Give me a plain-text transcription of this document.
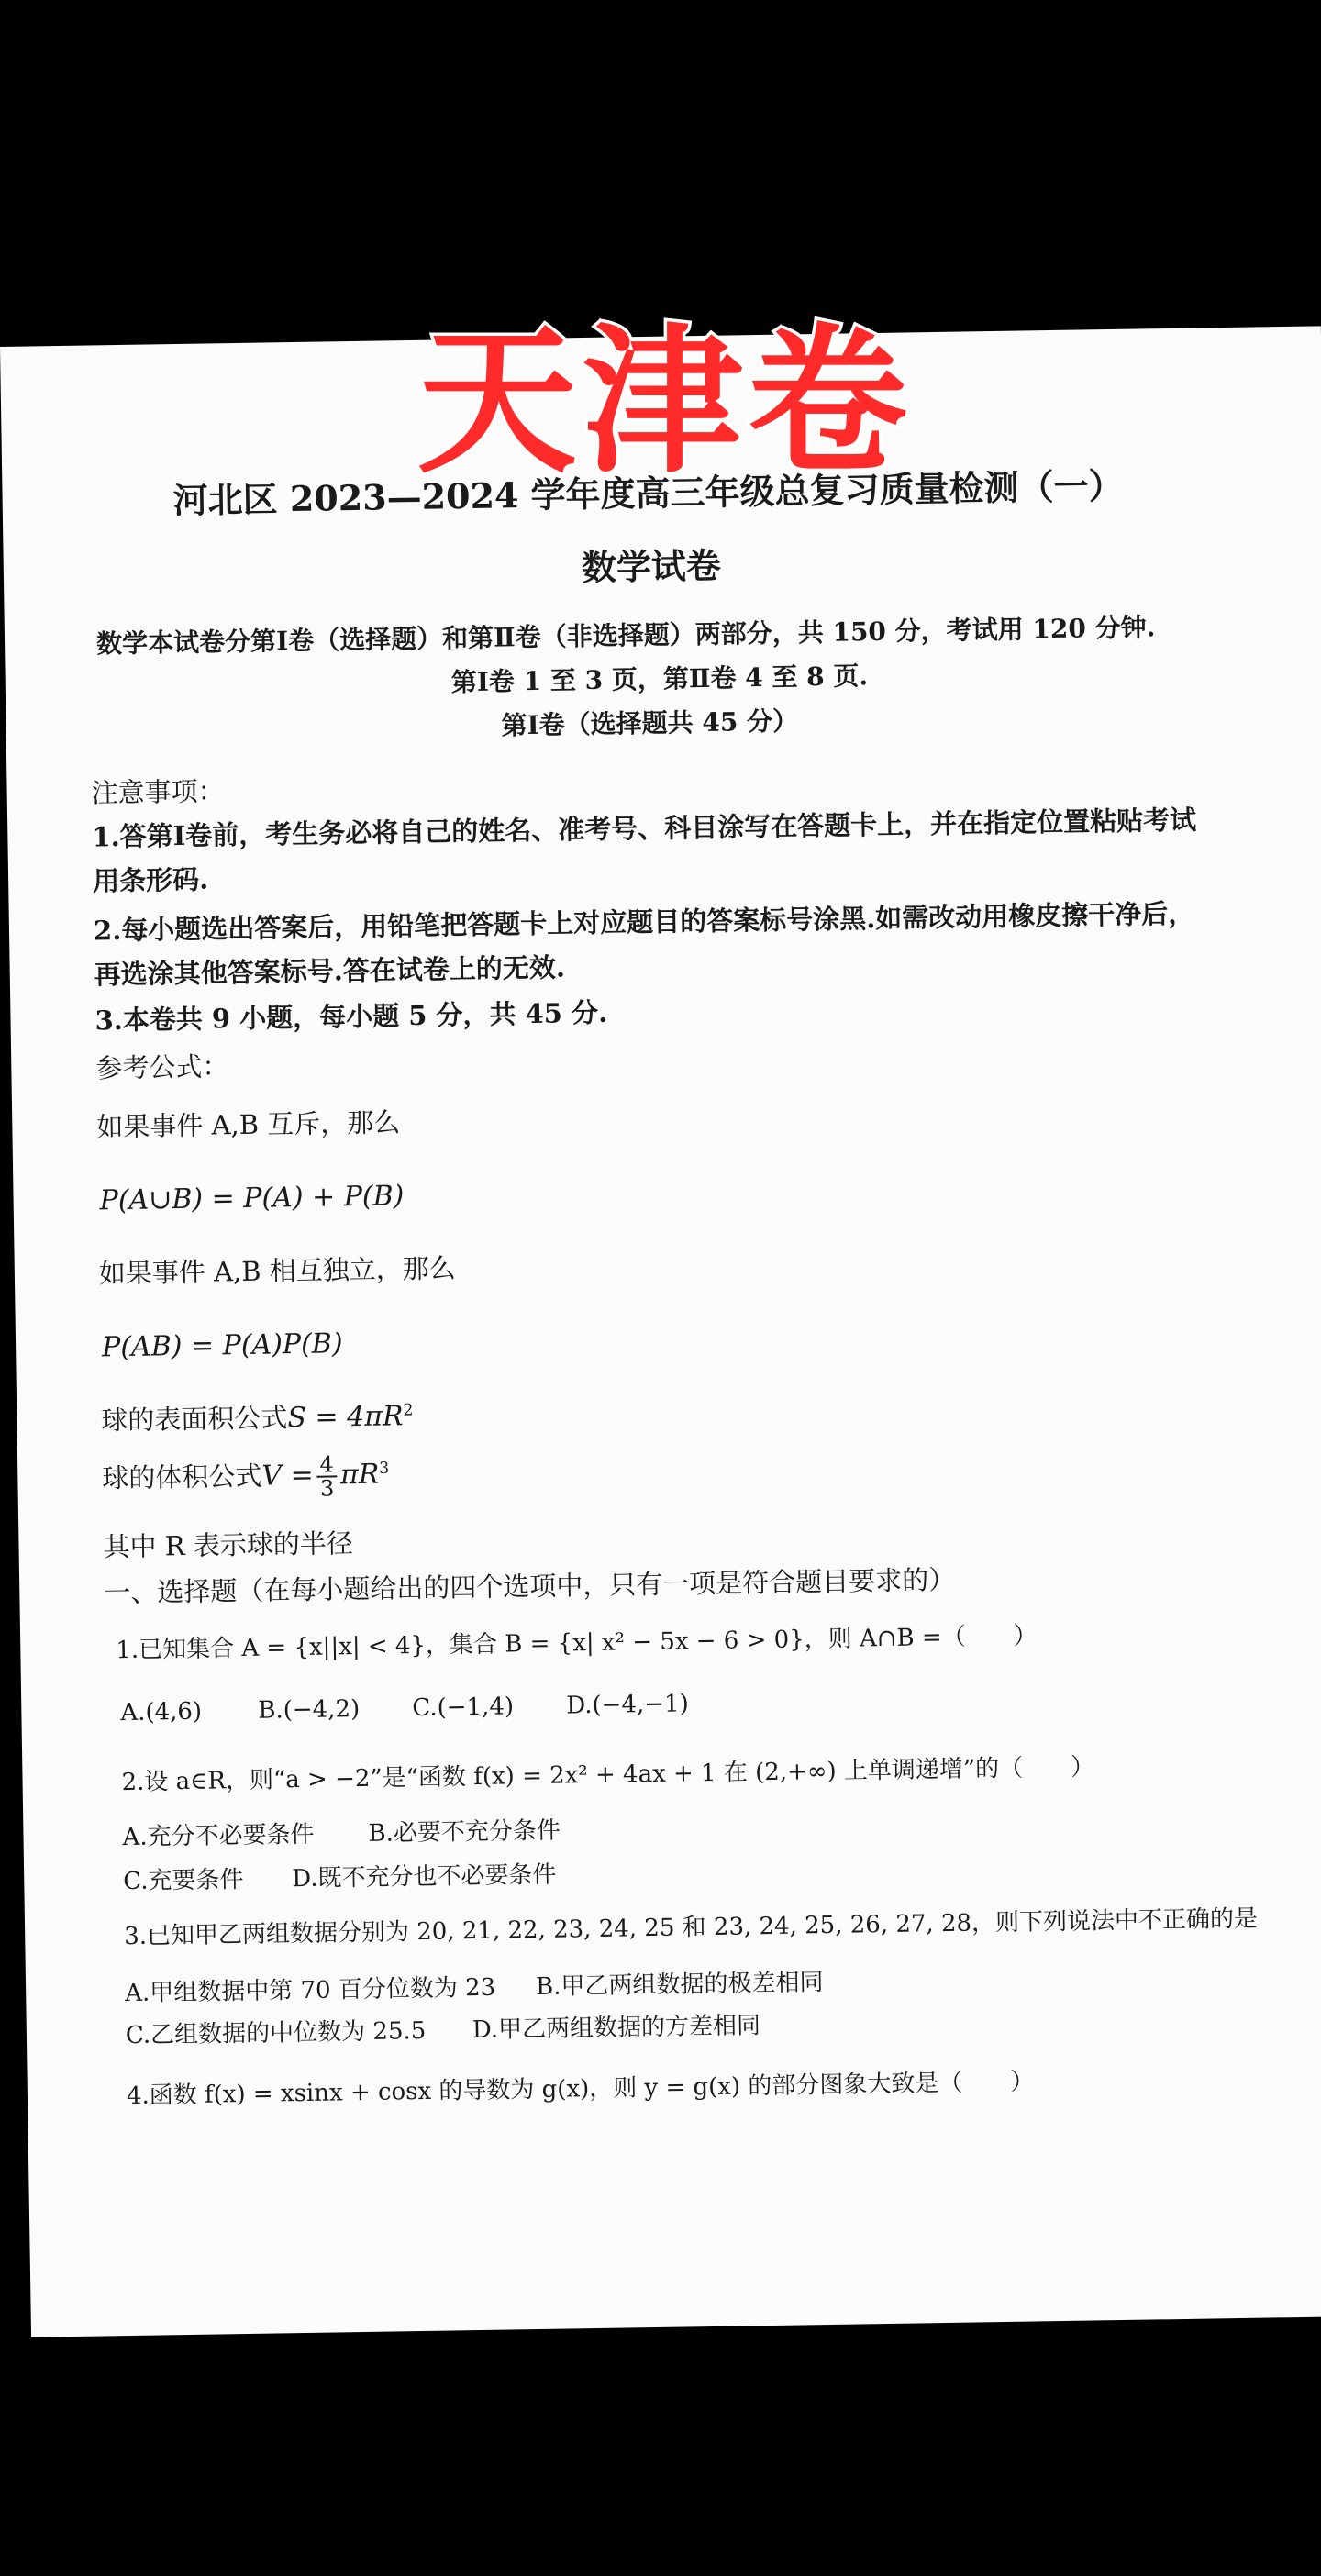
河北区 2023—2024 学年度高三年级总复习质量检测（一）
数学试卷
数学本试卷分第Ⅰ卷（选择题）和第Ⅱ卷（非选择题）两部分，共 150 分，考试用 120 分钟.
第Ⅰ卷 1 至 3 页，第Ⅱ卷 4 至 8 页.
第Ⅰ卷（选择题共 45 分）
注意事项：
1.答第Ⅰ卷前，考生务必将自己的姓名、准考号、科目涂写在答题卡上，并在指定位置粘贴考试
用条形码.
2.每小题选出答案后，用铅笔把答题卡上对应题目的答案标号涂黑.如需改动用橡皮擦干净后，
再选涂其他答案标号.答在试卷上的无效.
3.本卷共 9 小题，每小题 5 分，共 45 分.
参考公式：
如果事件 A,B 互斥，那么
P(A∪B) = P(A) + P(B)
如果事件 A,B 相互独立，那么
P(AB) = P(A)P(B)
球的表面积公式$S = 4\pi R^2$
球的体积公式$V = \frac{4}{3} \pi R^3$
其中 R 表示球的半径
一、选择题（在每小题给出的四个选项中，只有一项是符合题目要求的）
1.已知集合 A = {x||x| < 4}，集合 B = {x| x² − 5x − 6 > 0}，则 A∩B =（　　）
A.(4,6) B.(−4,2) C.(−1,4) D.(−4,−1)
2.设 a∈R，则“a > −2”是“函数 f(x) = 2x² + 4ax + 1 在 (2,+∞) 上单调递增”的（　　）
A.充分不必要条件 B.必要不充分条件
C.充要条件 D.既不充分也不必要条件
3.已知甲乙两组数据分别为 20, 21, 22, 23, 24, 25 和 23, 24, 25, 26, 27, 28，则下列说法中不正确的是
A.甲组数据中第 70 百分位数为 23 B.甲乙两组数据的极差相同
C.乙组数据的中位数为 25.5 D.甲乙两组数据的方差相同
4.函数 f(x) = xsinx + cosx 的导数为 g(x)，则 y = g(x) 的部分图象大致是（　　）
天津卷
